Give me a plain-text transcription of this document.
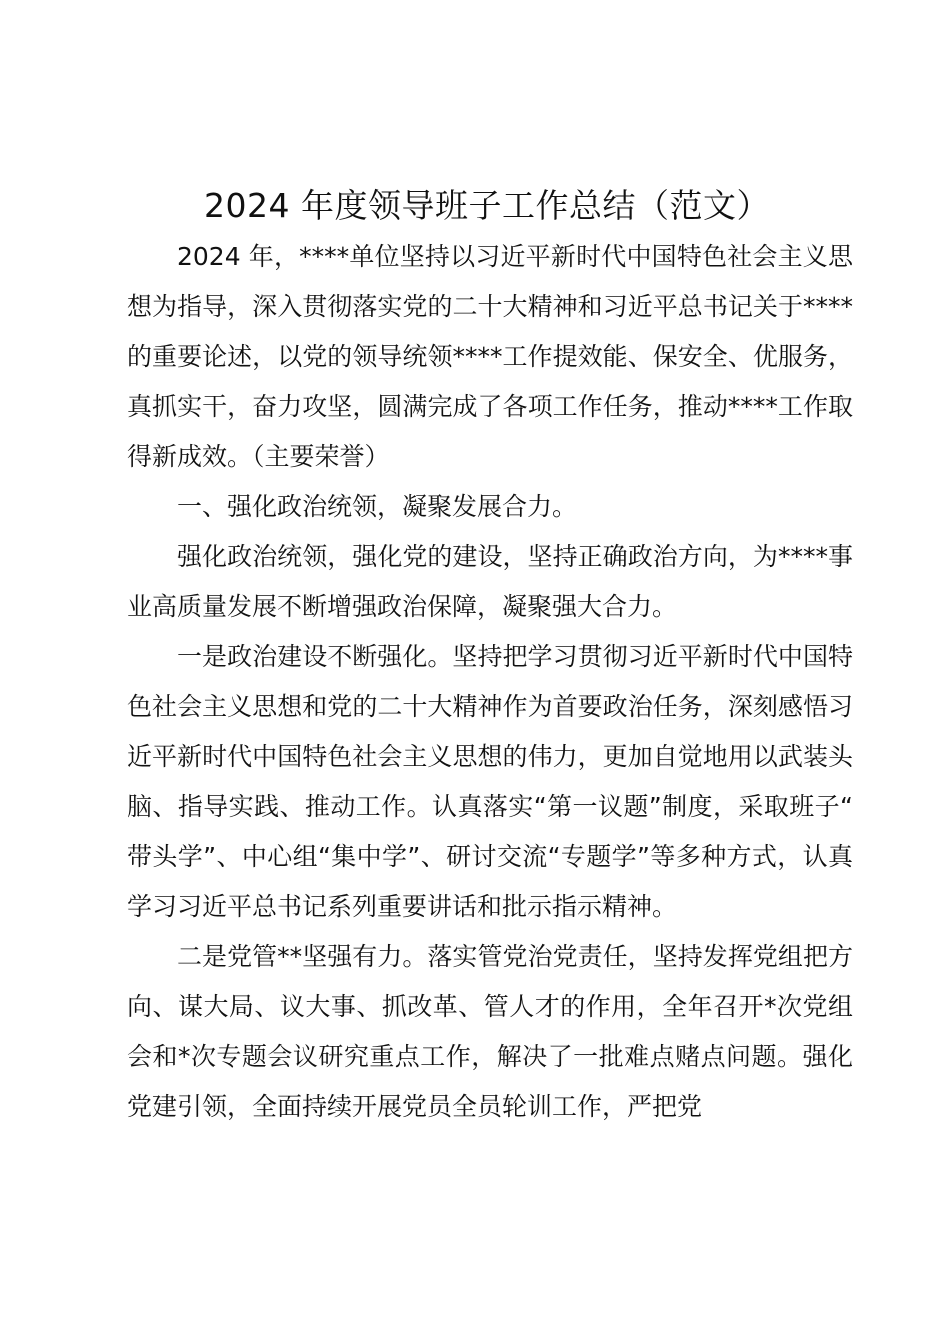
2024 年度领导班子工作总结（范文）

2024 年，****单位坚持以习近平新时代中国特色社会主义思想为指导，深入贯彻落实党的二十大精神和习近平总书记关于****的重要论述，以党的领导统领****工作提效能、保安全、优服务，真抓实干，奋力攻坚，圆满完成了各项工作任务，推动****工作取得新成效。（主要荣誉）

一、强化政治统领，凝聚发展合力。

强化政治统领，强化党的建设，坚持正确政治方向，为****事业高质量发展不断增强政治保障，凝聚强大合力。

一是政治建设不断强化。坚持把学习贯彻习近平新时代中国特色社会主义思想和党的二十大精神作为首要政治任务，深刻感悟习近平新时代中国特色社会主义思想的伟力，更加自觉地用以武装头脑、指导实践、推动工作。认真落实“第一议题”制度，采取班子“带头学”、中心组“集中学”、研讨交流“专题学”等多种方式，认真学习习近平总书记系列重要讲话和批示指示精神。

二是党管**坚强有力。落实管党治党责任，坚持发挥党组把方向、谋大局、议大事、抓改革、管人才的作用，全年召开*次党组会和*次专题会议研究重点工作，解决了一批难点赌点问题。强化党建引领，全面持续开展党员全员轮训工作，严把党
